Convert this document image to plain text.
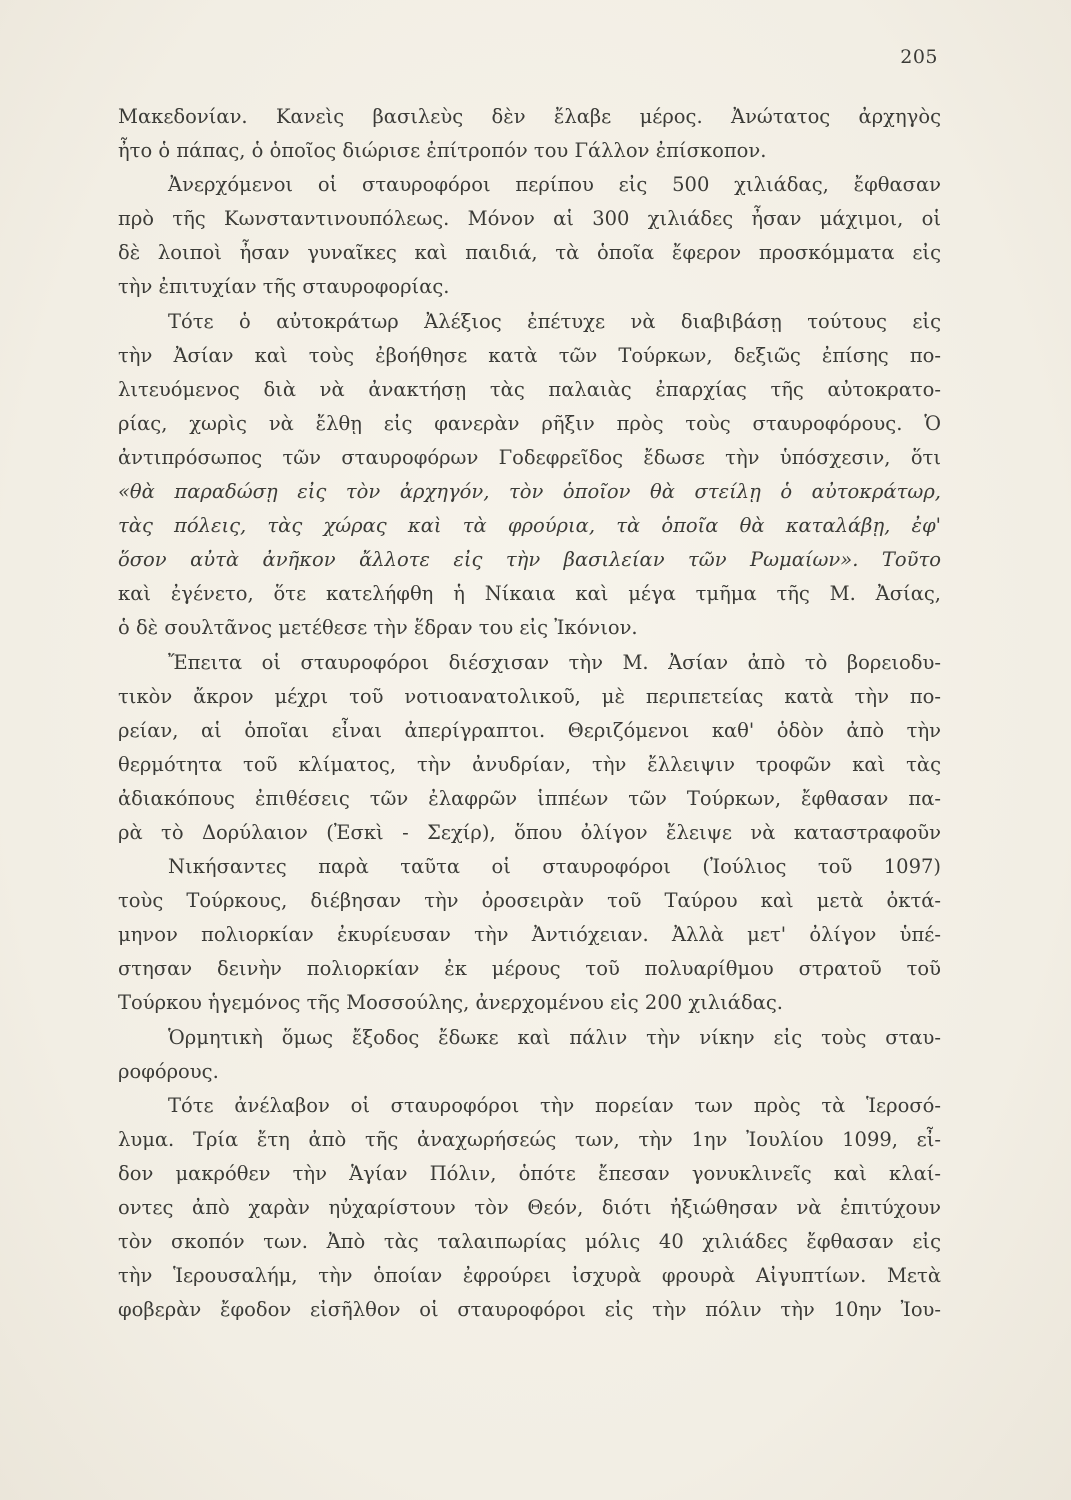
205
Μακεδονίαν. Κανεὶς βασιλεὺς δὲν ἔλαβε μέρος. Ἀνώτατος ἀρχηγὸς
ἦτο ὁ πάπας, ὁ ὁποῖος διώρισε ἐπίτροπόν του Γάλλον ἐπίσκοπον.
Ἀνερχόμενοι οἱ σταυροφόροι περίπου εἰς 500 χιλιάδας, ἔφθασαν
πρὸ τῆς Κωνσταντινουπόλεως. Μόνον αἱ 300 χιλιάδες ἦσαν μάχιμοι, οἱ
δὲ λοιποὶ ἦσαν γυναῖκες καὶ παιδιά, τὰ ὁποῖα ἔφερον προσκόμματα εἰς
τὴν ἐπιτυχίαν τῆς σταυροφορίας.
Τότε ὁ αὐτοκράτωρ Ἀλέξιος ἐπέτυχε νὰ διαβιβάσῃ τούτους εἰς
τὴν Ἀσίαν καὶ τοὺς ἐβοήθησε κατὰ τῶν Τούρκων, δεξιῶς ἐπίσης πο-
λιτευόμενος διὰ νὰ ἀνακτήσῃ τὰς παλαιὰς ἐπαρχίας τῆς αὐτοκρατο-
ρίας, χωρὶς νὰ ἔλθῃ εἰς φανερὰν ρῆξιν πρὸς τοὺς σταυροφόρους. Ὁ
ἀντιπρόσωπος τῶν σταυροφόρων Γοδεφρεῖδος ἔδωσε τὴν ὑπόσχεσιν, ὅτι
«θὰ παραδώσῃ εἰς τὸν ἀρχηγόν, τὸν ὁποῖον θὰ στείλῃ ὁ αὐτοκράτωρ,
τὰς πόλεις, τὰς χώρας καὶ τὰ φρούρια, τὰ ὁποῖα θὰ καταλάβῃ, ἐφ'
ὅσον αὐτὰ ἀνῆκον ἄλλοτε εἰς τὴν βασιλείαν τῶν Ρωμαίων». Τοῦτο
καὶ ἐγένετο, ὅτε κατελήφθη ἡ Νίκαια καὶ μέγα τμῆμα τῆς Μ. Ἀσίας,
ὁ δὲ σουλτᾶνος μετέθεσε τὴν ἕδραν του εἰς Ἰκόνιον.
Ἔπειτα οἱ σταυροφόροι διέσχισαν τὴν Μ. Ἀσίαν ἀπὸ τὸ βορειοδυ-
τικὸν ἄκρον μέχρι τοῦ νοτιοανατολικοῦ, μὲ περιπετείας κατὰ τὴν πο-
ρείαν, αἱ ὁποῖαι εἶναι ἀπερίγραπτοι. Θεριζόμενοι καθ' ὁδὸν ἀπὸ τὴν
θερμότητα τοῦ κλίματος, τὴν ἀνυδρίαν, τὴν ἔλλειψιν τροφῶν καὶ τὰς
ἀδιακόπους ἐπιθέσεις τῶν ἐλαφρῶν ἱππέων τῶν Τούρκων, ἔφθασαν πα-
ρὰ τὸ Δορύλαιον (Ἐσκὶ - Σεχίρ), ὅπου ὀλίγον ἔλειψε νὰ καταστραφοῦν
Νικήσαντες παρὰ ταῦτα οἱ σταυροφόροι (Ἰούλιος τοῦ 1097)
τοὺς Τούρκους, διέβησαν τὴν ὀροσειρὰν τοῦ Ταύρου καὶ μετὰ ὀκτά-
μηνον πολιορκίαν ἐκυρίευσαν τὴν Ἀντιόχειαν. Ἀλλὰ μετ' ὀλίγον ὑπέ-
στησαν δεινὴν πολιορκίαν ἐκ μέρους τοῦ πολυαρίθμου στρατοῦ τοῦ
Τούρκου ἡγεμόνος τῆς Μοσσούλης, ἀνερχομένου εἰς 200 χιλιάδας.
Ὁρμητικὴ ὅμως ἔξοδος ἔδωκε καὶ πάλιν τὴν νίκην εἰς τοὺς σταυ-
ροφόρους.
Τότε ἀνέλαβον οἱ σταυροφόροι τὴν πορείαν των πρὸς τὰ Ἱεροσό-
λυμα. Τρία ἔτη ἀπὸ τῆς ἀναχωρήσεώς των, τὴν 1ην Ἰουλίου 1099, εἶ-
δον μακρόθεν τὴν Ἁγίαν Πόλιν, ὁπότε ἔπεσαν γονυκλινεῖς καὶ κλαί-
οντες ἀπὸ χαρὰν ηὐχαρίστουν τὸν Θεόν, διότι ἠξιώθησαν νὰ ἐπιτύχουν
τὸν σκοπόν των. Ἀπὸ τὰς ταλαιπωρίας μόλις 40 χιλιάδες ἔφθασαν εἰς
τὴν Ἱερουσαλήμ, τὴν ὁποίαν ἐφρούρει ἰσχυρὰ φρουρὰ Αἰγυπτίων. Μετὰ
φοβερὰν ἔφοδον εἰσῆλθον οἱ σταυροφόροι εἰς τὴν πόλιν τὴν 10ην Ἰου-
